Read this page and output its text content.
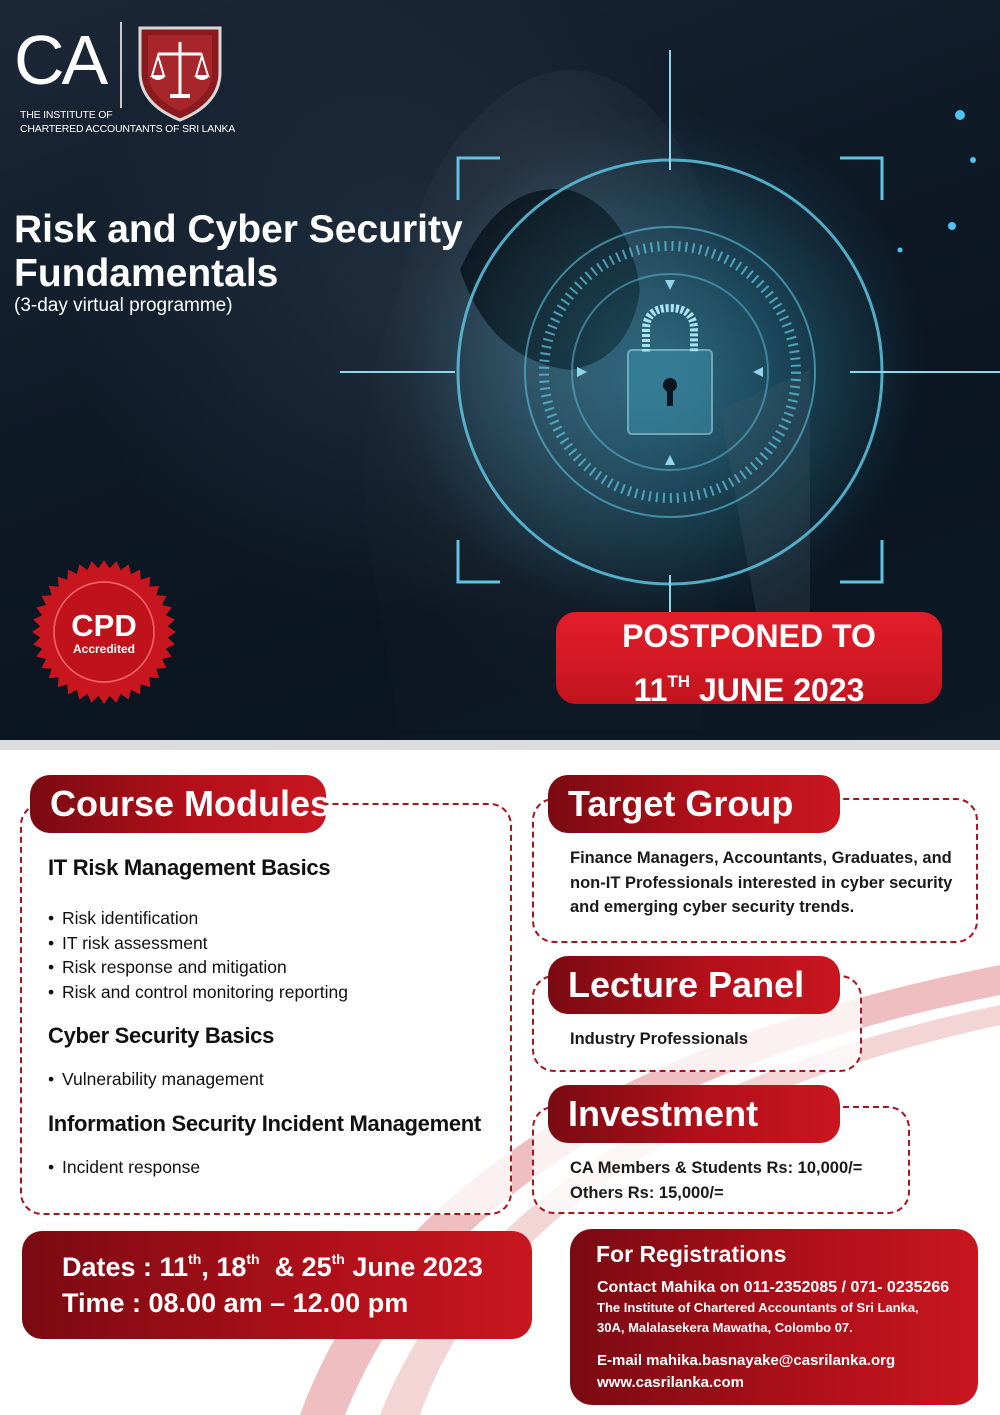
CA
THE INSTITUTE OF
CHARTERED ACCOUNTANTS OF SRI LANKA
Risk and Cyber Security
Fundamentals
(3-day virtual programme)
CPD
Accredited	POSTPONED TO
11TH JUNE 2023
Course Modules
IT Risk Management Basics
• Risk identification
• IT risk assessment
• Risk response and mitigation
• Risk and control monitoring reporting
Cyber Security Basics
• Vulnerability management
Information Security Incident Management
• Incident response
Target Group
Finance Managers, Accountants, Graduates, and
non-IT Professionals interested in cyber security
and emerging cyber security trends.
Lecture Panel
Industry Professionals
Investment
CA Members & Students Rs: 10,000/=
Others Rs: 15,000/=
Dates : 11th, 18th  & 25th June 2023
Time : 08.00 am – 12.00 pm
For Registrations
Contact Mahika on 011-2352085 / 071- 0235266
The Institute of Chartered Accountants of Sri Lanka,
30A, Malalasekera Mawatha, Colombo 07.
E-mail mahika.basnayake@casrilanka.org
www.casrilanka.com
